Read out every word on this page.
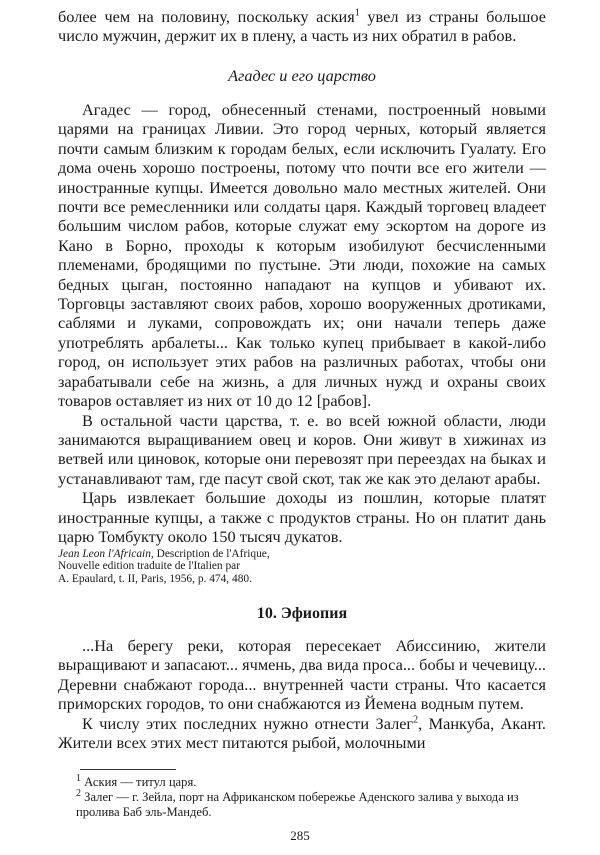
более чем на половину, поскольку аския$^1$ увел из страны большое число мужчин, держит их в плену, а часть из них обратил в рабов.

Агадес и его царство

Агадес — город, обнесенный стенами, построенный новыми царями на границах Ливии. Это город черных, который является почти самым близким к городам белых, если исключить Гуалату. Его дома очень хорошо построены, потому что почти все его жители — иностранные купцы. Имеется довольно мало местных жителей. Они почти все ремесленники или солдаты царя. Каждый торговец владеет большим числом рабов, которые служат ему эскортом на дороге из Кано в Борно, проходы к которым изобилуют бесчисленными племенами, бродящими по пустыне. Эти люди, похожие на самых бедных цыган, постоянно нападают на купцов и убивают их. Торговцы заставляют своих рабов, хорошо вооруженных дротиками, саблями и луками, сопровождать их; они начали теперь даже употреблять арбалеты... Как только купец прибывает в какой-либо город, он использует этих рабов на различных работах, чтобы они зарабатывали себе на жизнь, а для личных нужд и охраны своих товаров оставляет из них от 10 до 12 [рабов].

В остальной части царства, т. е. во всей южной области, люди занимаются выращиванием овец и коров. Они живут в хижинах из ветвей или циновок, которые они перевозят при переездах на быках и устанавливают там, где пасут свой скот, так же как это делают арабы.

Царь извлекает большие доходы из пошлин, которые платят иностранные купцы, а также с продуктов страны. Но он платит дань царю Томбукту около 150 тысяч дукатов.

Jean Leon l'Africain, Description de l'Afrique,

Nouvelle edition traduite de l'Italien par

A. Epaulard, t. II, Paris, 1956, p. 474, 480.

10. Эфиопия

...На берегу реки, которая пересекает Абиссинию, жители выращивают и запасают... ячмень, два вида проса... бобы и чечевицу... Деревни снабжают города... внутренней части страны. Что касается приморских городов, то они снабжаются из Йемена водным путем.

К числу этих последних нужно отнести Залег$^2$, Манкуба, Акант. Жители всех этих мест питаются рыбой, молочными

$^1$ Аския — титул царя.

$^2$ Залег — г. Зейла, порт на Африканском побережье Аденского залива у выхода из пролива Баб эль-Мандеб.

285
